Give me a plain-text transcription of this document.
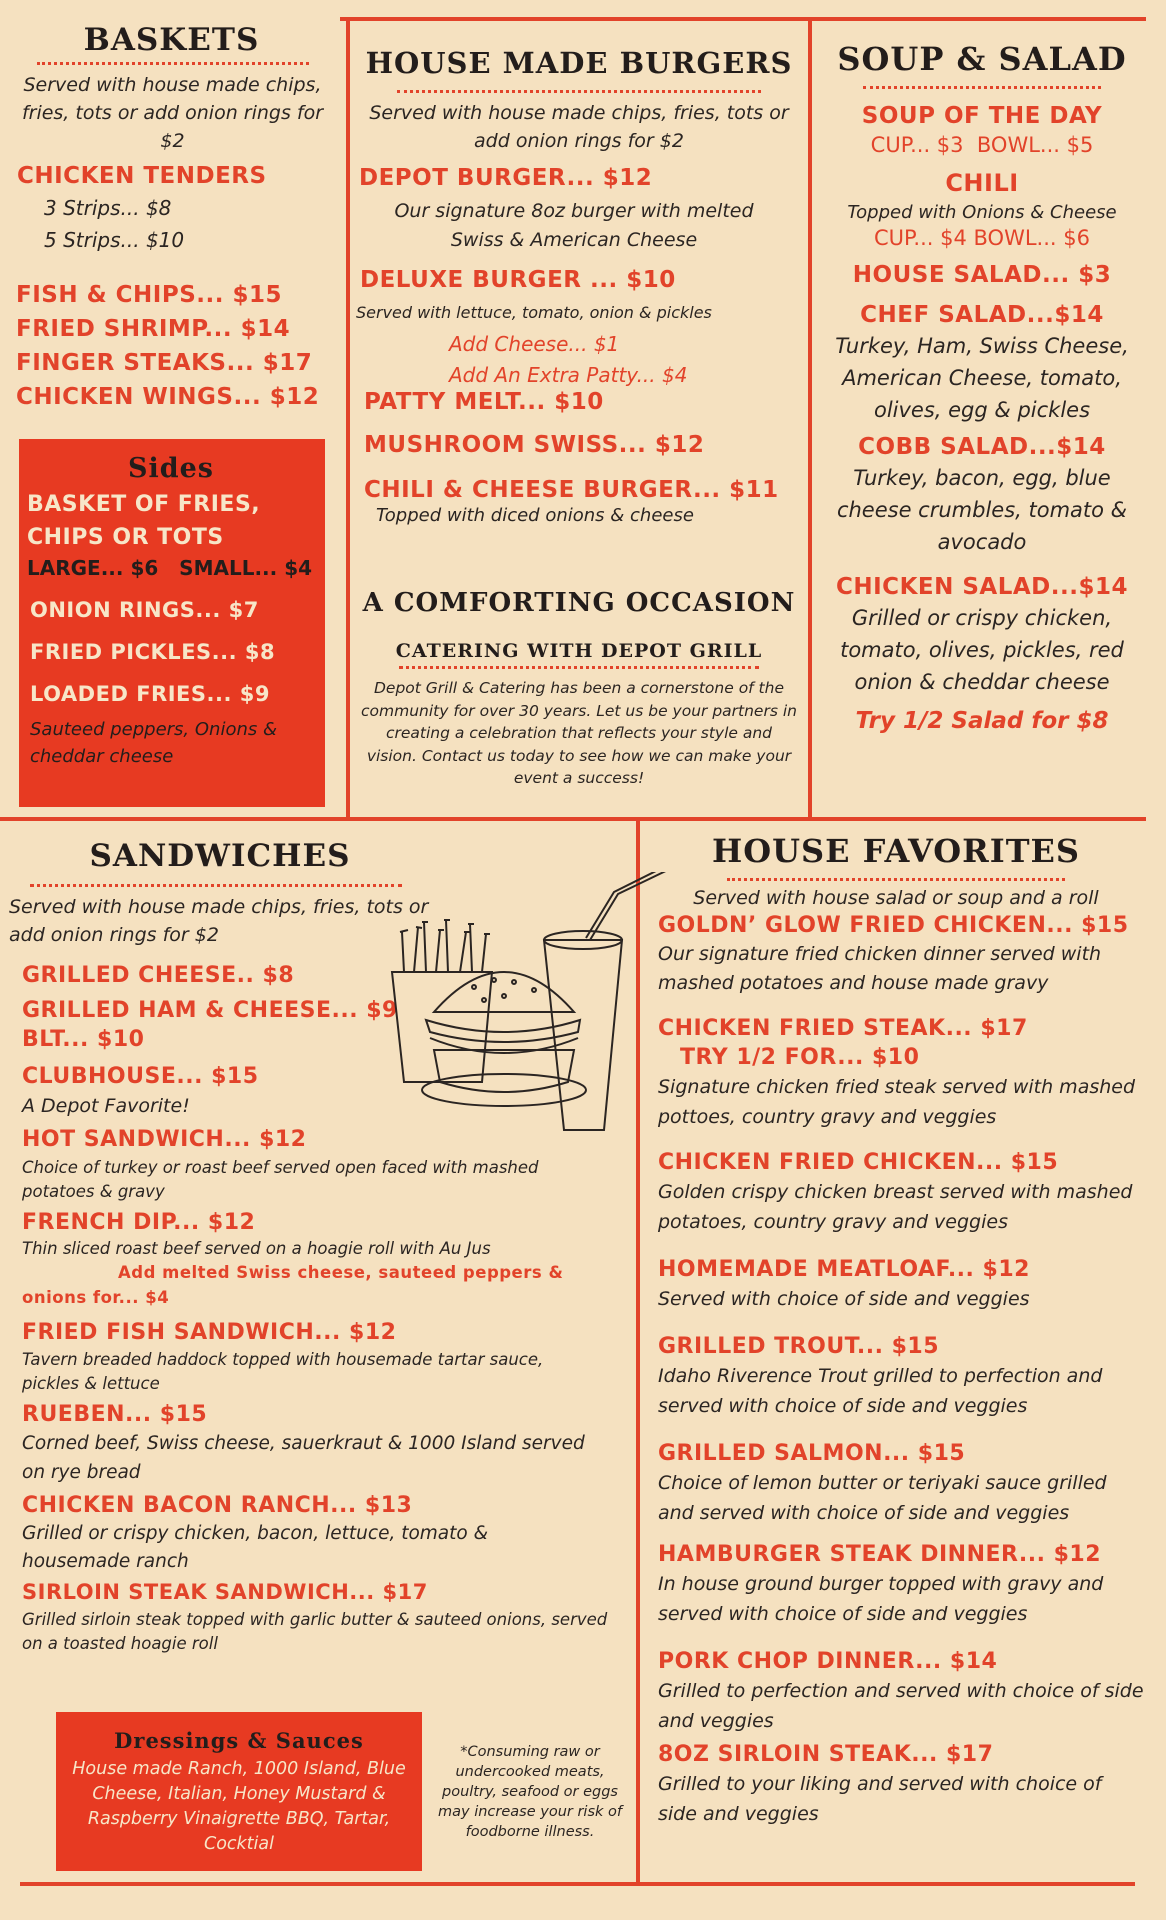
BASKETS
Served with house made chips, fries, tots or add onion rings for $2
CHICKEN TENDERS
3 Strips... $8
5 Strips... $10
FISH & CHIPS... $15
FRIED SHRIMP... $14
FINGER STEAKS... $17
CHICKEN WINGS... $12
Sides
BASKET OF FRIES, CHIPS OR TOTS
LARGE... $6   SMALL... $4
ONION RINGS... $7
FRIED PICKLES... $8
LOADED FRIES... $9
Sauteed peppers, Onions & cheddar cheese
HOUSE MADE BURGERS
Served with house made chips, fries, tots or add onion rings for $2
DEPOT BURGER... $12
Our signature 8oz burger with melted Swiss & American Cheese
DELUXE BURGER ... $10
Served with lettuce, tomato, onion & pickles
Add Cheese... $1
Add An Extra Patty... $4
PATTY MELT... $10
MUSHROOM SWISS... $12
CHILI & CHEESE BURGER... $11
Topped with diced onions & cheese
A COMFORTING OCCASION
CATERING WITH DEPOT GRILL
Depot Grill & Catering has been a cornerstone of the community for over 30 years. Let us be your partners in creating a celebration that reflects your style and vision. Contact us today to see how we can make your event a success!
SOUP & SALAD
SOUP OF THE DAY
CUP... $3  BOWL... $5
CHILI
Topped with Onions & Cheese
CUP... $4 BOWL... $6
HOUSE SALAD... $3
CHEF SALAD...$14
Turkey, Ham, Swiss Cheese, American Cheese, tomato, olives, egg & pickles
COBB SALAD...$14
Turkey, bacon, egg, blue cheese crumbles, tomato & avocado
CHICKEN SALAD...$14
Grilled or crispy chicken, tomato, olives, pickles, red onion & cheddar cheese
Try 1/2 Salad for $8
SANDWICHES
Served with house made chips, fries, tots or add onion rings for $2
GRILLED CHEESE.. $8
GRILLED HAM & CHEESE... $9
BLT... $10
CLUBHOUSE... $15
A Depot Favorite!
HOT SANDWICH... $12
Choice of turkey or roast beef served open faced with mashed potatoes & gravy
FRENCH DIP... $12
Thin sliced roast beef served on a hoagie roll with Au Jus
Add melted Swiss cheese, sauteed peppers & onions for... $4
FRIED FISH SANDWICH... $12
Tavern breaded haddock topped with housemade tartar sauce, pickles & lettuce
RUEBEN... $15
Corned beef, Swiss cheese, sauerkraut & 1000 Island served on rye bread
CHICKEN BACON RANCH... $13
Grilled or crispy chicken, bacon, lettuce, tomato & housemade ranch
SIRLOIN STEAK SANDWICH... $17
Grilled sirloin steak topped with garlic butter & sauteed onions, served on a toasted hoagie roll
Dressings & Sauces
House made Ranch, 1000 Island, Blue Cheese, Italian, Honey Mustard & Raspberry Vinaigrette BBQ, Tartar, Cocktial
*Consuming raw or undercooked meats, poultry, seafood or eggs may increase your risk of foodborne illness.
HOUSE FAVORITES
Served with house salad or soup and a roll
GOLDN’ GLOW FRIED CHICKEN... $15
Our signature fried chicken dinner served with mashed potatoes and house made gravy
CHICKEN FRIED STEAK... $17
TRY 1/2 FOR... $10
Signature chicken fried steak served with mashed pottoes, country gravy and veggies
CHICKEN FRIED CHICKEN... $15
Golden crispy chicken breast served with mashed potatoes, country gravy and veggies
HOMEMADE MEATLOAF... $12
Served with choice of side and veggies
GRILLED TROUT... $15
Idaho Riverence Trout grilled to perfection and served with choice of side and veggies
GRILLED SALMON... $15
Choice of lemon butter or teriyaki sauce grilled and served with choice of side and veggies
HAMBURGER STEAK DINNER... $12
In house ground burger topped with gravy and served with choice of side and veggies
PORK CHOP DINNER... $14
Grilled to perfection and served with choice of side and veggies
8OZ SIRLOIN STEAK... $17
Grilled to your liking and served with choice of side and veggies
